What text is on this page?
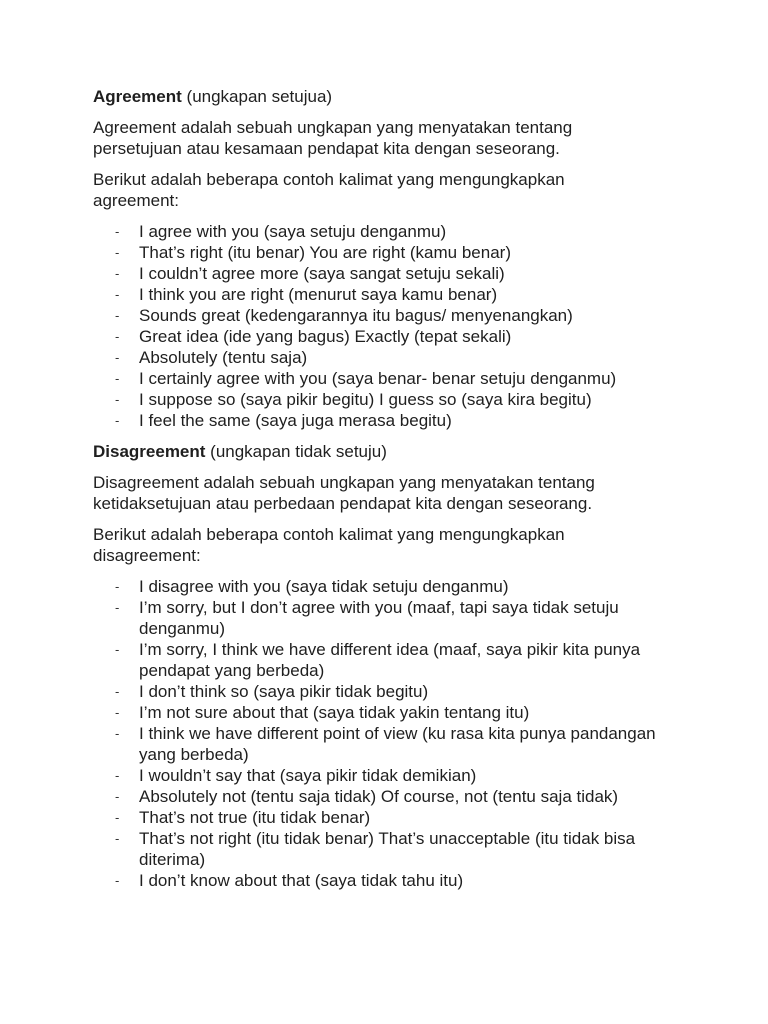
Agreement (ungkapan setujua)

Agreement adalah sebuah ungkapan yang menyatakan tentang persetujuan atau kesamaan pendapat kita dengan seseorang.

Berikut adalah beberapa contoh kalimat yang mengungkapkan agreement:

- I agree with you (saya setuju denganmu)
- That’s right (itu benar) You are right (kamu benar)
- I couldn’t agree more (saya sangat setuju sekali)
- I think you are right (menurut saya kamu benar)
- Sounds great (kedengarannya itu bagus/ menyenangkan)
- Great idea (ide yang bagus) Exactly (tepat sekali)
- Absolutely (tentu saja)
- I certainly agree with you (saya benar- benar setuju denganmu)
- I suppose so (saya pikir begitu) I guess so (saya kira begitu)
- I feel the same (saya juga merasa begitu)

Disagreement (ungkapan tidak setuju)

Disagreement adalah sebuah ungkapan yang menyatakan tentang ketidaksetujuan atau perbedaan pendapat kita dengan seseorang.

Berikut adalah beberapa contoh kalimat yang mengungkapkan disagreement:

- I disagree with you (saya tidak setuju denganmu)
- I’m sorry, but I don’t agree with you (maaf, tapi saya tidak setuju denganmu)
- I’m sorry, I think we have different idea (maaf, saya pikir kita punya pendapat yang berbeda)
- I don’t think so (saya pikir tidak begitu)
- I’m not sure about that (saya tidak yakin tentang itu)
- I think we have different point of view (ku rasa kita punya pandangan yang berbeda)
- I wouldn’t say that (saya pikir tidak demikian)
- Absolutely not (tentu saja tidak) Of course, not (tentu saja tidak)
- That’s not true (itu tidak benar)
- That’s not right (itu tidak benar) That’s unacceptable (itu tidak bisa diterima)
- I don’t know about that (saya tidak tahu itu)
